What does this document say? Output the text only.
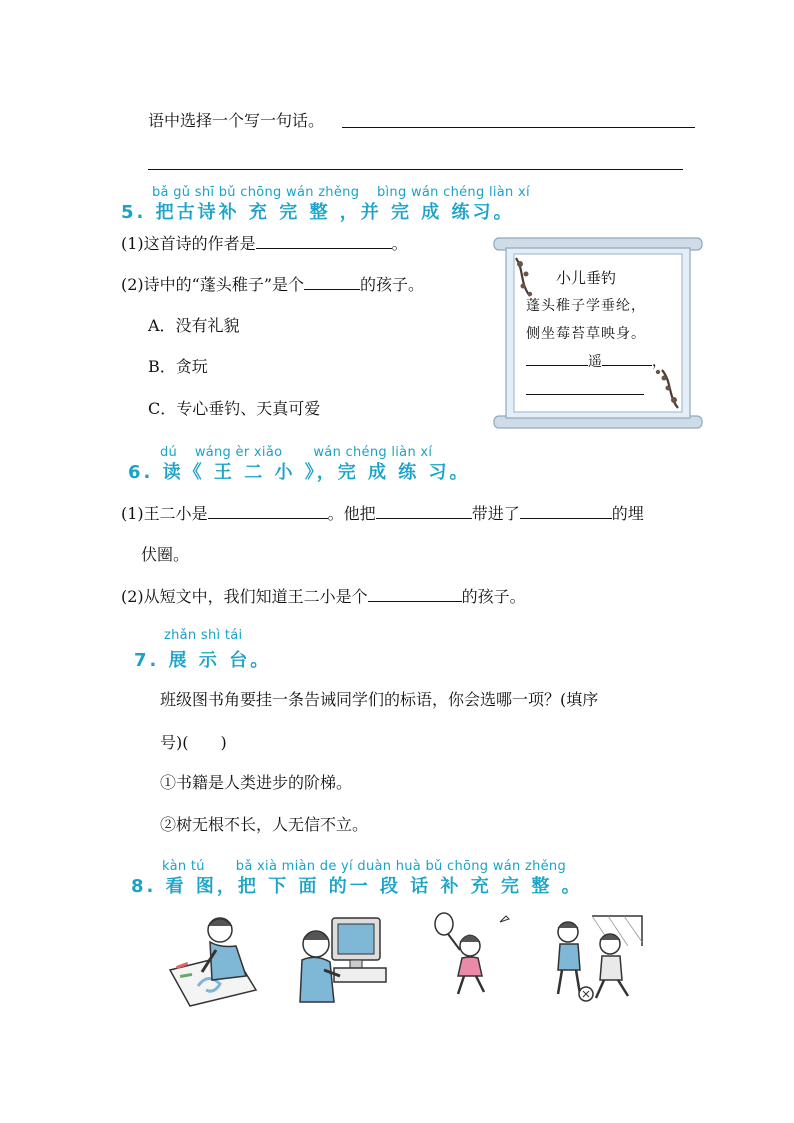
语中选择一个写一句话。
bǎ gǔ shī bǔ chōng wán zhěng　 bìng wán chéng liàn xí
5. 把古诗补 充 完 整 ，并 完 成 练习。
(1)这首诗的作者是	。
(2)诗中的“蓬头稚子”是个	的孩子。
A．没有礼貌
B．贪玩
C．专心垂钓、天真可爱
小儿垂钓
蓬头稚子学垂纶，
侧坐莓苔草映身。
遥	，
dú　 wáng èr xiǎo　　 wán chéng liàn xí
6. 读《 王 二 小 》，完 成 练 习。
(1)王二小是	。他把	带进了	的埋
伏圈。
(2)从短文中，我们知道王二小是个	的孩子。
zhǎn shì tái
7. 展 示 台。
班级图书角要挂一条告诫同学们的标语，你会选哪一项？(填序
号)(　　)
①书籍是人类进步的阶梯。
②树无根不长，人无信不立。
kàn tú　　 bǎ xià miàn de yí duàn huà bǔ chōng wán zhěng
8. 看 图，把 下 面 的一 段 话 补 充 完 整 。
